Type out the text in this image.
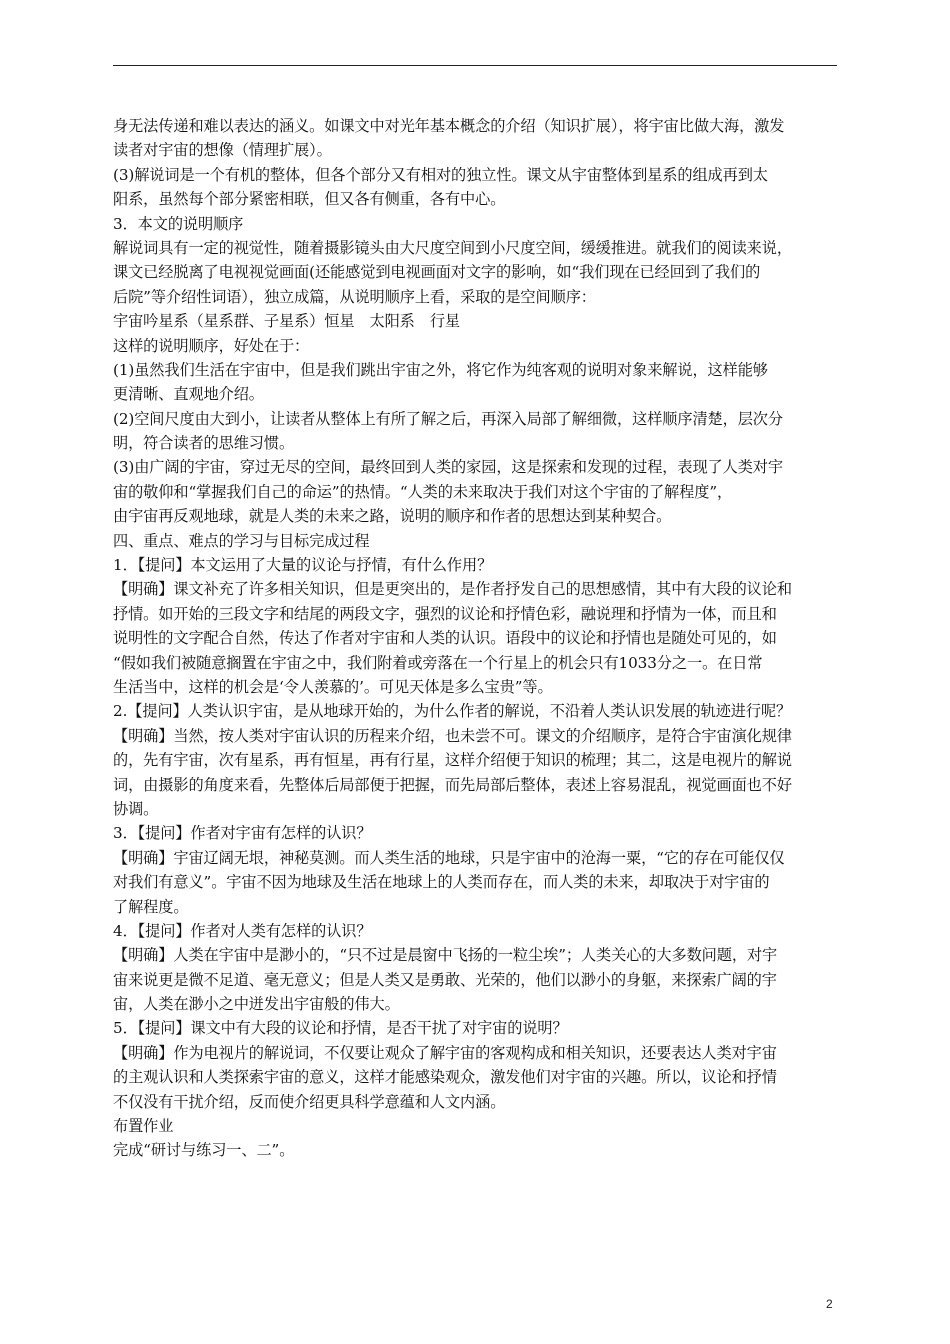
身无法传递和难以表达的涵义。如课文中对光年基本概念的介绍（知识扩展），将宇宙比做大海，激发
读者对宇宙的想像（情理扩展）。
(3)解说词是一个有机的整体，但各个部分又有相对的独立性。课文从宇宙整体到星系的组成再到太
阳系，虽然每个部分紧密相联，但又各有侧重，各有中心。
3．本文的说明顺序
解说词具有一定的视觉性，随着摄影镜头由大尺度空间到小尺度空间，缓缓推进。就我们的阅读来说，
课文已经脱离了电视视觉画面(还能感觉到电视画面对文字的影响，如“我们现在已经回到了我们的
后院”等介绍性词语），独立成篇，从说明顺序上看，采取的是空间顺序：
宇宙吟星系（星系群、子星系）恒星　太阳系　行星
这样的说明顺序，好处在于：
(1)虽然我们生活在宇宙中，但是我们跳出宇宙之外，将它作为纯客观的说明对象来解说，这样能够
更清晰、直观地介绍。
(2)空间尺度由大到小，让读者从整体上有所了解之后，再深入局部了解细微，这样顺序清楚，层次分
明，符合读者的思维习惯。
(3)由广阔的宇宙，穿过无尽的空间，最终回到人类的家园，这是探索和发现的过程，表现了人类对宇
宙的敬仰和“掌握我们自己的命运”的热情。“人类的未来取决于我们对这个宇宙的了解程度”，
由宇宙再反观地球，就是人类的未来之路，说明的顺序和作者的思想达到某种契合。
四、重点、难点的学习与目标完成过程
1．【提问】本文运用了大量的议论与抒情，有什么作用？
【明确】课文补充了许多相关知识，但是更突出的，是作者抒发自己的思想感情，其中有大段的议论和
抒情。如开始的三段文字和结尾的两段文字，强烈的议论和抒情色彩，融说理和抒情为一体，而且和
说明性的文字配合自然，传达了作者对宇宙和人类的认识。语段中的议论和抒情也是随处可见的，如
“假如我们被随意搁置在宇宙之中，我们附着或旁落在一个行星上的机会只有1033分之一。在日常
生活当中，这样的机会是‘令人羡慕的’。可见天体是多么宝贵”等。
2.【提问】人类认识宇宙，是从地球开始的，为什么作者的解说，不沿着人类认识发展的轨迹进行呢？
【明确】当然，按人类对宇宙认识的历程来介绍，也未尝不可。课文的介绍顺序，是符合宇宙演化规律
的，先有宇宙，次有星系，再有恒星，再有行星，这样介绍便于知识的梳理；其二，这是电视片的解说
词，由摄影的角度来看，先整体后局部便于把握，而先局部后整体，表述上容易混乱，视觉画面也不好
协调。
3．【提问】作者对宇宙有怎样的认识？
【明确】宇宙辽阔无垠，神秘莫测。而人类生活的地球，只是宇宙中的沧海一粟，“它的存在可能仅仅
对我们有意义”。宇宙不因为地球及生活在地球上的人类而存在，而人类的未来，却取决于对宇宙的
了解程度。
4．【提问】作者对人类有怎样的认识？
【明确】人类在宇宙中是渺小的，“只不过是晨窗中飞扬的一粒尘埃”；人类关心的大多数问题，对宇
宙来说更是微不足道、毫无意义；但是人类又是勇敢、光荣的，他们以渺小的身躯，来探索广阔的宇
宙，人类在渺小之中迸发出宇宙般的伟大。
5．【提问】课文中有大段的议论和抒情，是否干扰了对宇宙的说明？
【明确】作为电视片的解说词，不仅要让观众了解宇宙的客观构成和相关知识，还要表达人类对宇宙
的主观认识和人类探索宇宙的意义，这样才能感染观众，激发他们对宇宙的兴趣。所以，议论和抒情
不仅没有干扰介绍，反而使介绍更具科学意蕴和人文内涵。
布置作业
完成“研讨与练习一、二”。
2
